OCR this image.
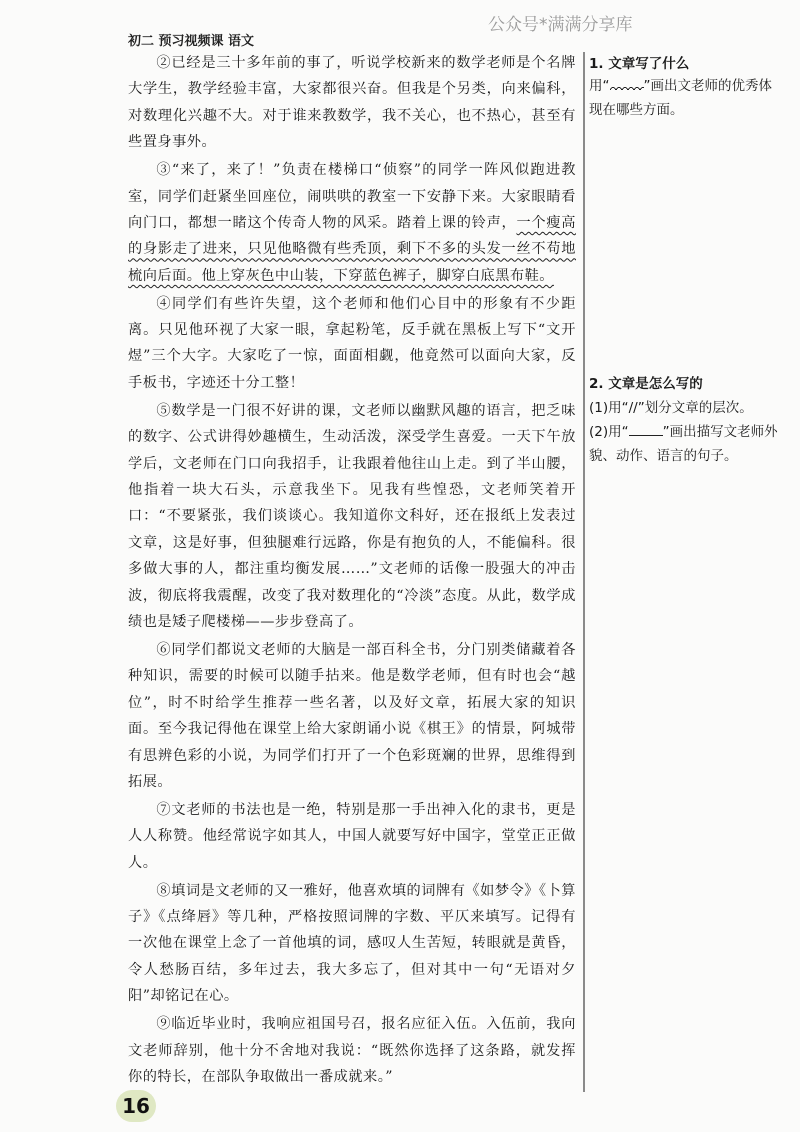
初二 预习视频课 语文
公众号*满满分享库

②已经是三十多年前的事了，听说学校新来的数学老师是个名牌大学生，教学经验丰富，大家都很兴奋。但我是个另类，向来偏科，对数理化兴趣不大。对于谁来教数学，我不关心，也不热心，甚至有些置身事外。

③“来了，来了！”负责在楼梯口“侦察”的同学一阵风似跑进教室，同学们赶紧坐回座位，闹哄哄的教室一下安静下来。大家眼睛看向门口，都想一睹这个传奇人物的风采。踏着上课的铃声，一个瘦高的身影走了进来，只见他略微有些秃顶，剩下不多的头发一丝不苟地梳向后面。他上穿灰色中山装，下穿蓝色裤子，脚穿白底黑布鞋。

④同学们有些许失望，这个老师和他们心目中的形象有不少距离。只见他环视了大家一眼，拿起粉笔，反手就在黑板上写下“文开煜”三个大字。大家吃了一惊，面面相觑，他竟然可以面向大家，反手板书，字迹还十分工整！

⑤数学是一门很不好讲的课，文老师以幽默风趣的语言，把乏味的数字、公式讲得妙趣横生，生动活泼，深受学生喜爱。一天下午放学后，文老师在门口向我招手，让我跟着他往山上走。到了半山腰，他指着一块大石头，示意我坐下。见我有些惶恐，文老师笑着开口：“不要紧张，我们谈谈心。我知道你文科好，还在报纸上发表过文章，这是好事，但独腿难行远路，你是有抱负的人，不能偏科。很多做大事的人，都注重均衡发展……”文老师的话像一股强大的冲击波，彻底将我震醒，改变了我对数理化的“冷淡”态度。从此，数学成绩也是矮子爬楼梯——步步登高了。

⑥同学们都说文老师的大脑是一部百科全书，分门别类储藏着各种知识，需要的时候可以随手拈来。他是数学老师，但有时也会“越位”，时不时给学生推荐一些名著，以及好文章，拓展大家的知识面。至今我记得他在课堂上给大家朗诵小说《棋王》的情景，阿城带有思辨色彩的小说，为同学们打开了一个色彩斑斓的世界，思维得到拓展。

⑦文老师的书法也是一绝，特别是那一手出神入化的隶书，更是人人称赞。他经常说字如其人，中国人就要写好中国字，堂堂正正做人。

⑧填词是文老师的又一雅好，他喜欢填的词牌有《如梦令》《卜算子》《点绛唇》等几种，严格按照词牌的字数、平仄来填写。记得有一次他在课堂上念了一首他填的词，感叹人生苦短，转眼就是黄昏，令人愁肠百结，多年过去，我大多忘了，但对其中一句“无语对夕阳”却铭记在心。

⑨临近毕业时，我响应祖国号召，报名应征入伍。入伍前，我向文老师辞别，他十分不舍地对我说：“既然你选择了这条路，就发挥你的特长，在部队争取做出一番成就来。”

1. 文章写了什么
用“	”画出文老师的优秀体
现在哪些方面。
2. 文章是怎么写的
(1)用“//”划分文章的层次。
(2)用“	”画出描写文老师外
貌、动作、语言的句子。
16
